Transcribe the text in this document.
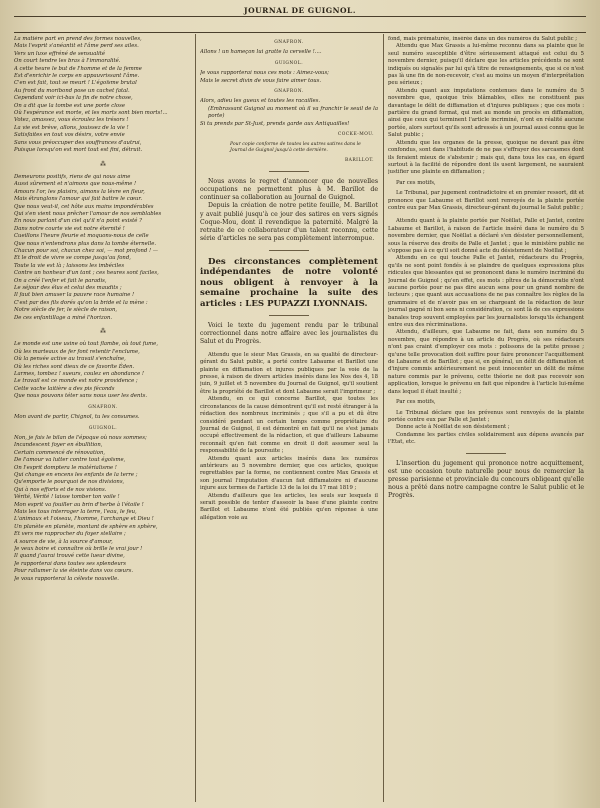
JOURNAL DE GUIGNOL.

La matière part en prend des formes nouvelles,

Mais l'esprit s'anéantit et l'âme perd ses ailes.

Vers un luxe effréné de sensualité

On court tendre les bras à l'immoralité.

A cette heure le but de l'homme et de la femme

Est d'enrichir le corps en appauvrissant l'âme.

C'en est fait, tout se meurt ! L'égoïsme brutal

Au front du moribond pose un cachet fatal.

Cependant voir ici-bas la fin de notre chose,

On a dit que la tombe est une porte close

Où l'espérance est morte, et les morts sont bien morts!...

Votez, amassez, vous écroulez les trésors !

La vie est brève, allons, jouissez de la vie !

Satisfaites en tout vos désirs, votre envie

Sans vous préoccuper des souffrances d'autrui,

Puisque lorsqu'on est mort tout est fini, détruit.

⁂

Demeurons positifs, riens de qui nous aime

Aussi sûrement et n'aimons que nous-même !

Amours l'or, les plaisirs, aimons la lèvre en fleur,

Mais étranglons l'amour qui fait battre le cœur.

Que nous veut-il, cet hôte aux mains impondérables

Qui s'en vient nous prêcher l'amour de nos semblables

En nous parlant d'un ciel qu'il n'a point existé ?

Dans notre courte vie est notre éternité !

Cueillons l'heure fleurie et moquons-nous de celle

Que nous n'entendrons plus dans la tombe éternelle.

Chacun pour soi, chacun chez soi, — mot profond ! —

Et le droit de vivre se compe jusqu'au fond,

Toute la vie est là ; laissons les imbéciles

Contre un honheur d'un tant ; ces heures sont faciles,

On a créé l'enfer et fait le paradis,

Le séjour des élus et celui des maudits ;

Il faut bien amuser la pauvre race humaine !

C'est par des fils dorés qu'on la bride et la mène :

Notre siècle de fer, le siècle de raison,

De ces enfantillage a miné l'horizon.

⁂

Le monde est une usine où tout flambe, où tout fume,

Où les marteaux de fer font retentir l'enclume,

Où la pensée active au travail s'enchaîne,

Où les riches sont dieux de ce favorite Éden.

Larmes, tombez ! sueurs, coulez en abondance !

Le travail est ce monde est notre providence ;

Cette vache laitière a des pis féconds

Que nous pouvons téter sans nous user les dents.

GNAFRON.

Mon avant de partir, Chignol, tu les consumes.

GUIGNOL.

Non, je fais le bilan de l'époque où nous sommes;

Incandescent foyer en ébullition,

Certain commencé de rénovation,

De l'amour va lutter contre tout égoïsme,

On l'esprit domptera le matérialisme !

Qui change en encens les enfants de la terre ;

Qu'emporte le pourquoi de nos divisions,

Qui à nos efforts et de nos visions.

Vérité, Vérité ! laisse tomber ton voile !

Mon esprit va fouiller au brin d'herbe à l'étoile !

Mais les tous interroger la terre, l'eau, le feu,

L'animaux et l'oiseau, l'homme, l'archange et Dieu !

Un planète en planète, montant de sphère en sphère,

Et vers me rapprocher du foyer stellaire ;

A source de vie, à la source d'amour,

Je veux boire et connaître où brille le vrai jour !

Il quand j'aurai trouvé cette lueur divine,

Je rapporterai dans toutes ses splendeurs

Pour rallumer la vie éteinte dans vos cœurs.

Je vous rapporterai la céleste nouvelle.

GNAFRON.

Allons ! un hameçon lui gratte la cervelle !....

GUIGNOL.

Je vous rapporterai nous ces mots : Aimez-vous;

Mais le secret divin de vous faire aimer tous.

GNAFRON.

Alors, adieu les gueux et toutes les racailles.

(Embrassant Guignol au moment où il va franchir le seuil de la porte)

Si tu prends par St-Just, prends garde aux Antiquailles!

COCKE-MOU.

Pour copie conforme de toutes les autres satires dans le Journal de Guignol jusqu'à cette dernière.

BARILLOT.

Nous avons le regret d'annoncer que de nouvelles occupations ne permettent plus à M. Barillot de continuer sa collaboration au Journal de Guignol.

Depuis la création de notre petite feuille, M. Barillot y avait publié jusqu'à ce jour des satires en vers signés Coque-Mou, dont il revendique la paternité. Malgré la retraite de ce collaborateur d'un talent reconnu, cette série d'articles ne sera pas complètement interrompue.

Des circonstances complètement indépendantes de notre volonté nous obligent à renvoyer à la semaine prochaine la suite des articles : LES PUPAZZI LYONNAIS.

Voici le texte du jugement rendu par le tribunal correctionnel dans notre affaire avec les journalistes du Salut et du Progrès.

Attendu que le sieur Max Grassis, en sa qualité de directeur-gérant du Salut public, a porté contre Labaume et Barillot une plainte en diffamation et injures publiques par la voie de la presse, à raison de divers articles insérés dans les Nos des 4, 18 juin, 9 juillet et 5 novembre du Journal de Guignol, qu'il soutient être la propriété de Barillot et dont Labaume serait l'imprimeur ;

Attendu, en ce qui concerne Barillot, que toutes les circonstances de la cause démontrent qu'il est resté étranger à la rédaction des nombreux incriminés ; que s'il a pu et dû être considéré pendant un certain temps comme propriétaire du Journal de Guignol, il est démontré en fait qu'il ne s'est jamais occupé effectivement de la rédaction, et que d'ailleurs Labaume reconnaît qu'en fait comme en droit il doit assumer seul la responsabilité de la poursuite ;

Attendu quant aux articles insérés dans les numéros antérieurs au 5 novembre dernier, que ces articles, quoique regrettables par la forme, ne contiennent contre Max Grassis et son journal l'imputation d'aucun fait diffamatoire ni d'aucune injure aux termes de l'article 13 de la loi du 17 mai 1819 ;

Attendu d'ailleurs que les articles, les seuls sur lesquels il serait possible de tenter d'asseoir la base d'une plainte contre Barillot et Labaume n'ont été publiés qu'en réponse à une allégation voie au

fond, mais prématurée, insérée dans un des numéros du Salut public ;

Attendu que Max Grassis a lui-même reconnu dans sa plainte que le seul numéro susceptible d'être sérieusement attaqué est celui du 5 novembre dernier, puisqu'il déclare que les articles précédents ne sont indiqués ou signalés par lui qu'à titre de renseignements, que si ce n'est pas là une fin de non-recevoir, c'est au moins un moyen d'interprétation peu sérieux ;

Attendu quant aux imputations contenues dans le numéro du 5 novembre que, quoique très blâmables, elles ne constituent pas davantage le délit de diffamation et d'injures publiques ; que ces mots : partière du grand format, qui met au monde un procès en diffamation, ainsi que ceux qui terminent l'article incriminé, n'ont en réalité aucune portée, alors surtout qu'ils sont adressés à un journal aussi connu que le Salut public ;

Attendu que les organes de la presse, quoique ne devant pas être confondus, sont dans l'habitude de ne pas s'effrayer des sarcasmes dont ils feraient mieux de s'abstenir ; mais qui, dans tous les cas, en égard surtout à la facilité de répondre dont ils usent largement, ne sauraient justifier une plainte en diffamation ;

Par ces motifs,

Le Tribunal, par jugement contradictoire et en premier ressort, dit et prononce que Labaume et Barillot sont renvoyés de la plainte portée contre eux par Max Grassis, directeur-gérant du journal le Salut public ;

Attendu quant à la plainte portée par Noëllat, Palle et Jantet, contre Labaume et Barillot, à raison de l'article inséré dans le numéro du 5 novembre dernier, que Noëllat a déclaré s'en désister personnellement, sous la réserve des droits de Palle et Jantet ; que le ministère public ne s'oppose pas à ce qu'il soit donné acte du désistement de Noëllat ;

Attendu en ce qui touche Palle et Jantet, rédacteurs du Progrès, qu'ils ne sont point fondés à se plaindre de quelques expressions plus ridicules que blessantes qui se prononcent dans le numéro incriminé du Journal de Guignol ; qu'en effet, ces mots : pîtres de la démocratie n'ont aucune portée pour ne pas dire aucun sens pour un grand nombre de lecteurs ; que quant aux accusations de ne pas connaître les règles de la grammaire et de n'avoir pas en se chargeant de la rédaction de leur journal gagné ni bon sens ni considération, ce sont là de ces expressions banales trop souvent employées par les journalistes lorsqu'ils échangent entre eux des récriminations.

Attendu, d'ailleurs, que Labaume ne fait, dans son numéro du 5 novembre, que répondre à un article du Progrès, où ses rédacteurs n'ont pas craint d'employer ces mots : polissons de la petite presse ; qu'une telle provocation doit suffire pour faire prononcer l'acquittement de Labaume et de Barillot ; que si, en général, un délit de diffamation et d'injure commis antérieurement ne peut innocenter un délit de même nature commis par le prévenu, cette théorie ne doit pas recevoir son application, lorsque le prévenu en fait que répondre à l'article lui-même dans lequel il était insulté ;

Par ces motifs,

Le Tribunal déclare que les prévenus sont renvoyés de la plainte portée contre eux par Palle et Jantet ;

Donne acte à Noëllat de son désistement ;

Condamne les parties civiles solidairement aux dépens avancés par l'Etat, etc.

L'insertion du jugement qui prononce notre acquittement, est une occasion toute naturelle pour nous de remercier la presse parisienne et provinciale du concours obligeant qu'elle nous a prêté dans notre campagne contre le Salut public et le Progrès.
